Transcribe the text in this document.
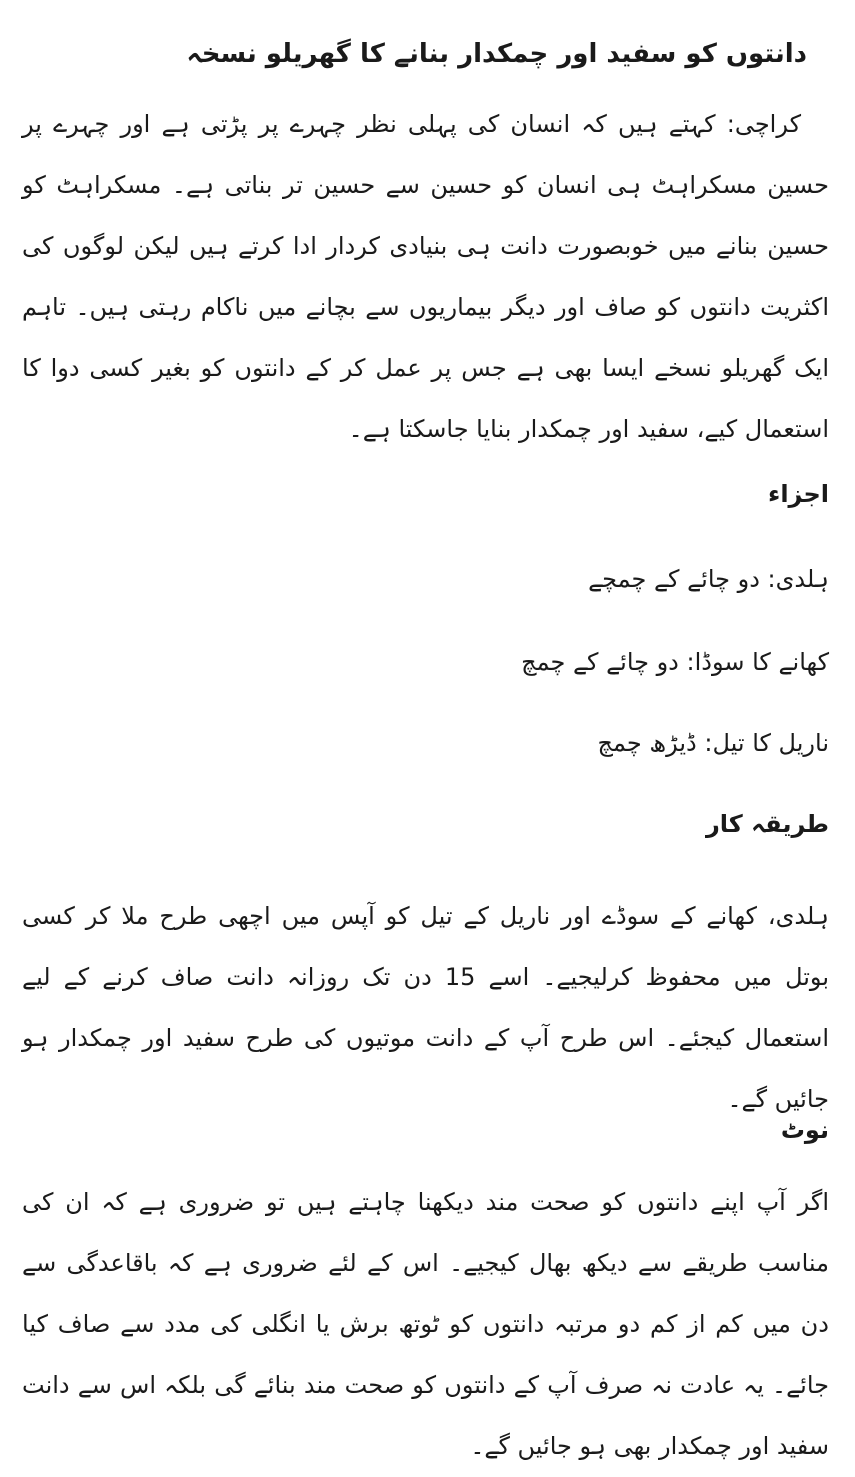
دانتوں کو سفید اور چمکدار بنانے کا گھریلو نسخہ

کراچی: کہتے ہیں کہ انسان کی پہلی نظر چہرے پر پڑتی ہے اور چہرے پر حسین مسکراہٹ ہی انسان کو حسین سے حسین تر بناتی ہے۔ مسکراہٹ کو حسین بنانے میں خوبصورت دانت ہی بنیادی کردار ادا کرتے ہیں لیکن لوگوں کی اکثریت دانتوں کو صاف اور دیگر بیماریوں سے بچانے میں ناکام رہتی ہیں۔ تاہم ایک گھریلو نسخے ایسا بھی ہے جس پر عمل کر کے دانتوں کو بغیر کسی دوا کا استعمال کیے، سفید اور چمکدار بنایا جاسکتا ہے۔

اجزاء

ہلدی: دو چائے کے چمچے

کھانے کا سوڈا: دو چائے کے چمچ

ناریل کا تیل: ڈیڑھ چمچ

طریقہ کار

ہلدی، کھانے کے سوڈے اور ناریل کے تیل کو آپس میں اچھی طرح ملا کر کسی بوتل میں محفوظ کرلیجیے۔ اسے 15 دن تک روزانہ دانت صاف کرنے کے لیے استعمال کیجئے۔ اس طرح آپ کے دانت موتیوں کی طرح سفید اور چمکدار ہو جائیں گے۔

نوٹ

اگر آپ اپنے دانتوں کو صحت مند دیکھنا چاہتے ہیں تو ضروری ہے کہ ان کی مناسب طریقے سے دیکھ بھال کیجیے۔ اس کے لئے ضروری ہے کہ باقاعدگی سے دن میں کم از کم دو مرتبہ دانتوں کو ٹوتھ برش یا انگلی کی مدد سے صاف کیا جائے۔ یہ عادت نہ صرف آپ کے دانتوں کو صحت مند بنائے گی بلکہ اس سے دانت سفید اور چمکدار بھی ہو جائیں گے۔
